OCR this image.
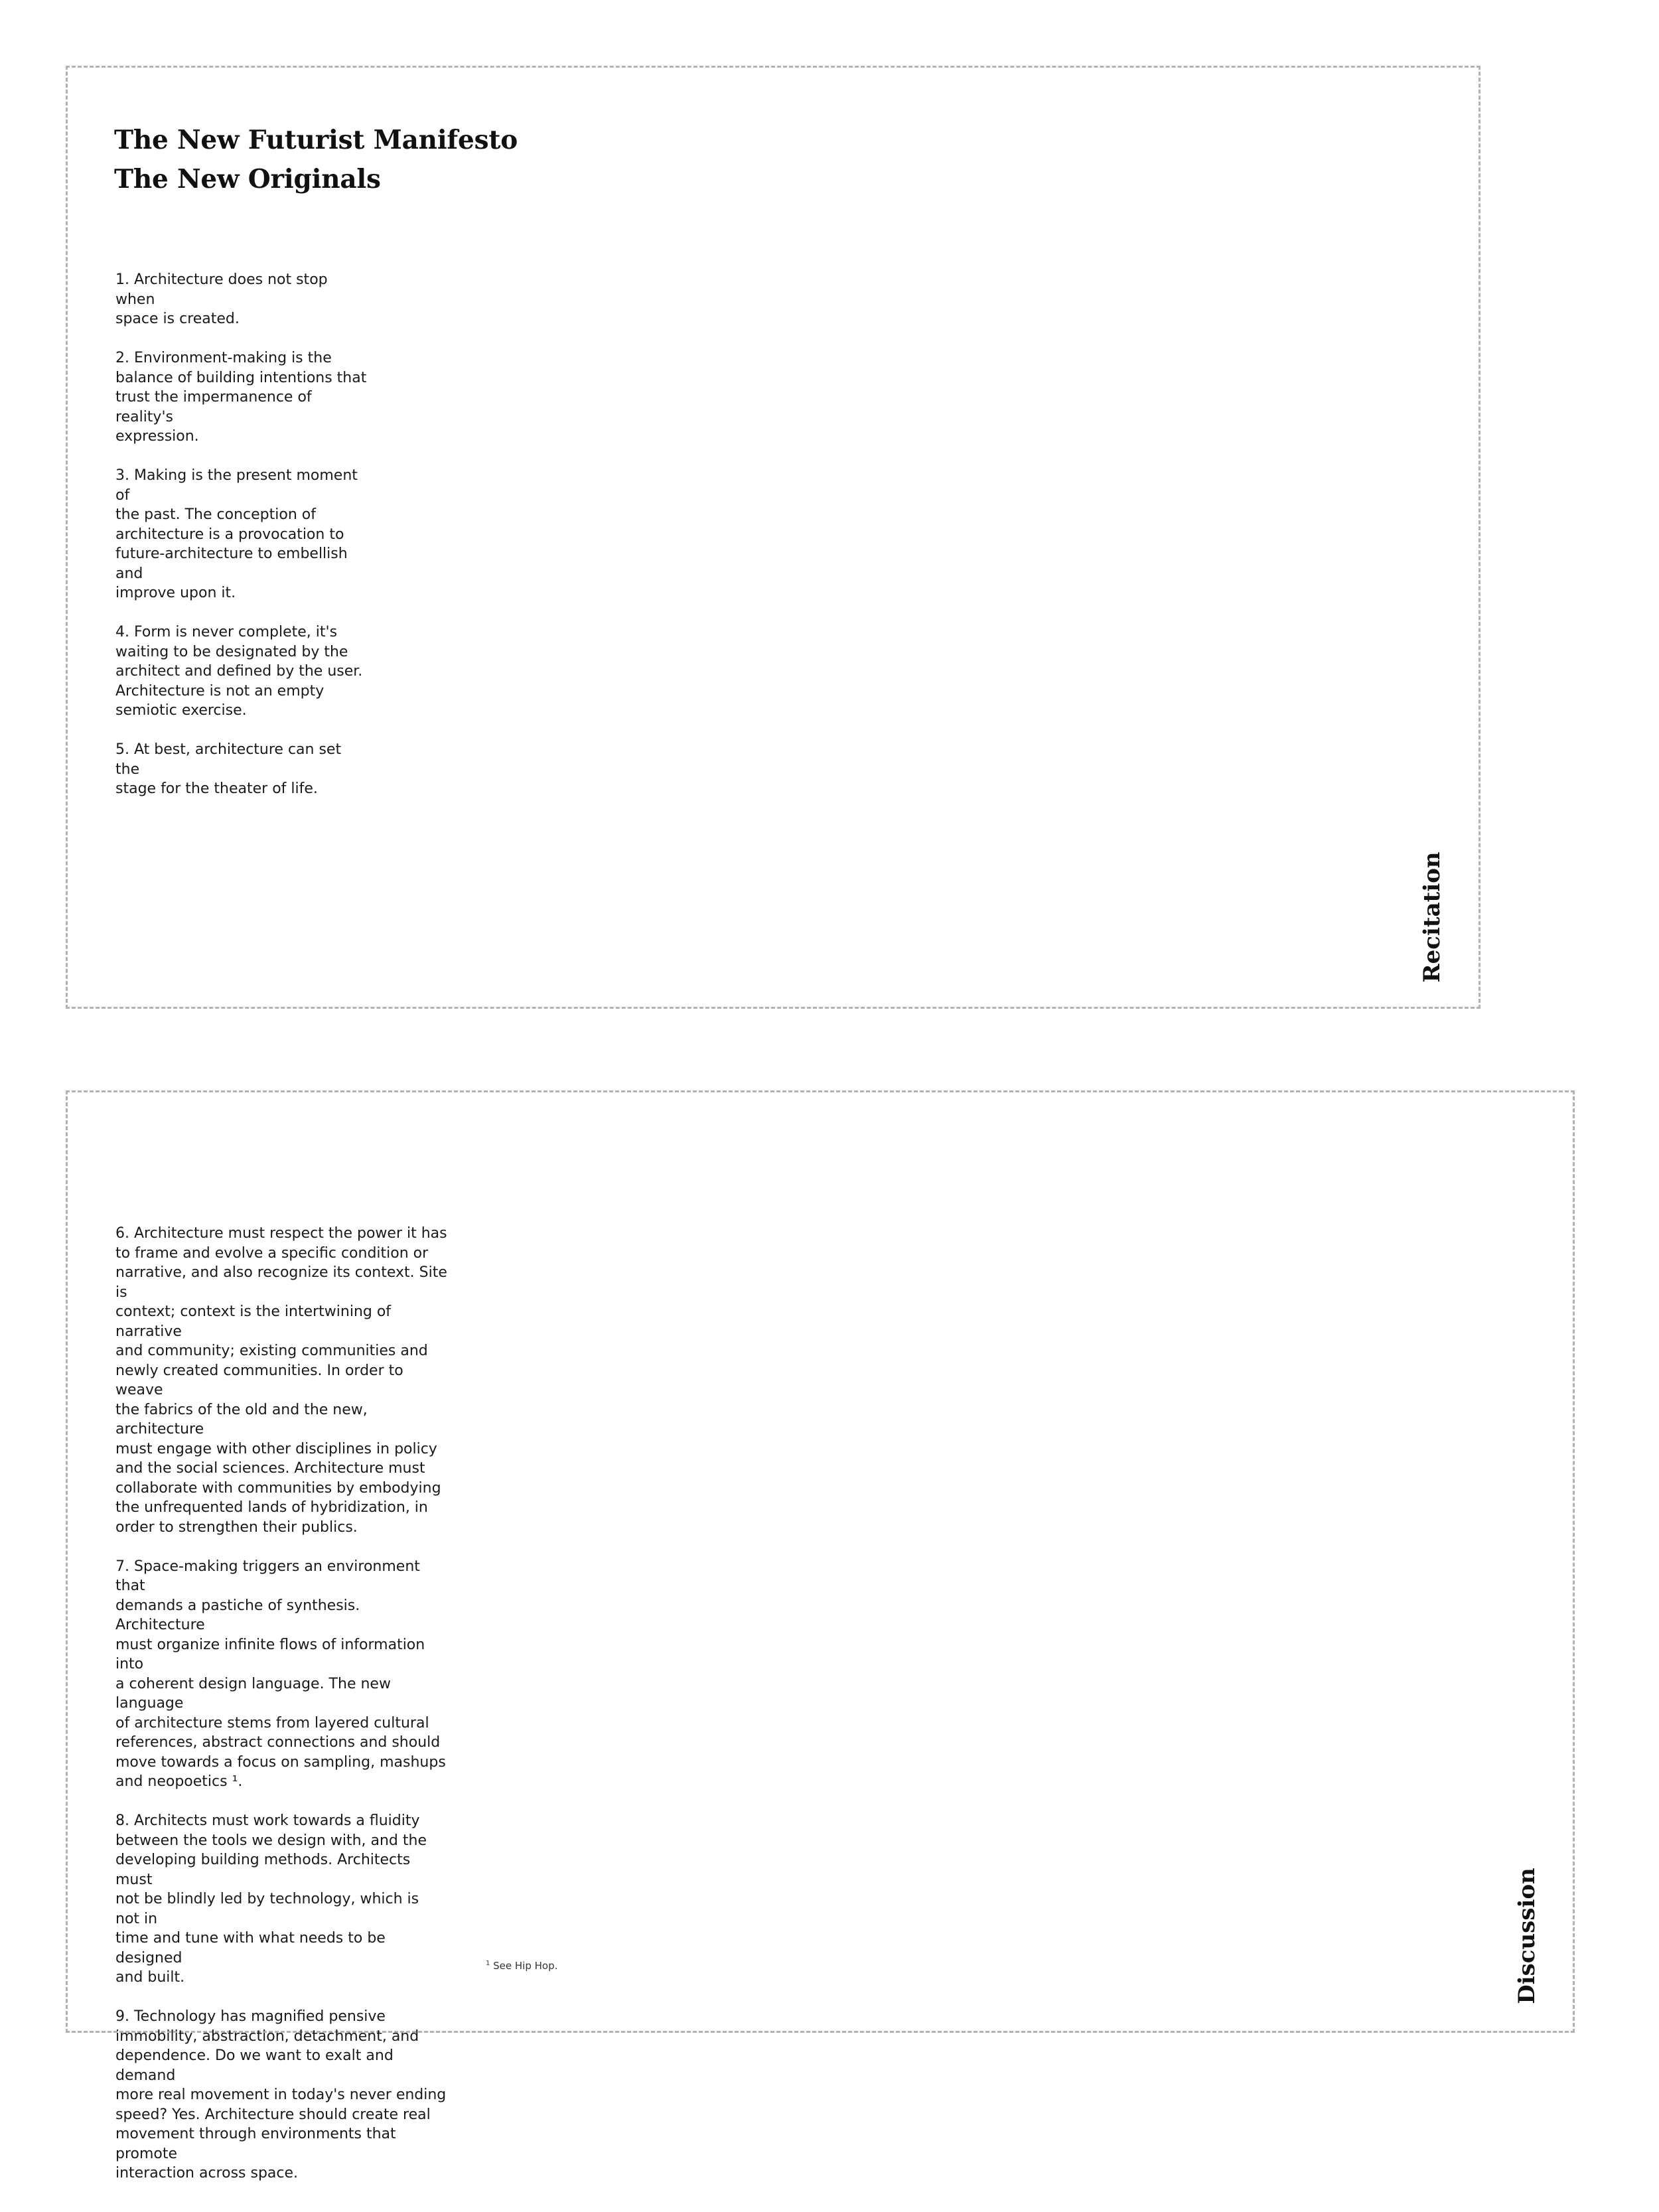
The New Futurist Manifesto
The New Originals

1. Architecture does not stop when
space is created.

2. Environment-making is the
balance of building intentions that
trust the impermanence of reality's
expression.

3. Making is the present moment of
the past. The conception of
architecture is a provocation to
future-architecture to embellish and
improve upon it.

4. Form is never complete, it's
waiting to be designated by the
architect and defined by the user.
Architecture is not an empty
semiotic exercise.

5. At best, architecture can set the
stage for the theater of life.

Recitation

6. Architecture must respect the power it has
to frame and evolve a specific condition or
narrative, and also recognize its context. Site is
context; context is the intertwining of narrative
and community; existing communities and
newly created communities. In order to weave
the fabrics of the old and the new, architecture
must engage with other disciplines in policy
and the social sciences. Architecture must
collaborate with communities by embodying
the unfrequented lands of hybridization, in
order to strengthen their publics.

7. Space-making triggers an environment that
demands a pastiche of synthesis. Architecture
must organize infinite flows of information into
a coherent design language. The new language
of architecture stems from layered cultural
references, abstract connections and should
move towards a focus on sampling, mashups
and neopoetics ¹.

8. Architects must work towards a fluidity
between the tools we design with, and the
developing building methods. Architects must
not be blindly led by technology, which is not in
time and tune with what needs to be designed
and built.

9. Technology has magnified pensive
immobility, abstraction, detachment, and
dependence. Do we want to exalt and demand
more real movement in today's never ending
speed? Yes. Architecture should create real
movement through environments that promote
interaction across space.

$^1$ See Hip Hop.	Discussion
